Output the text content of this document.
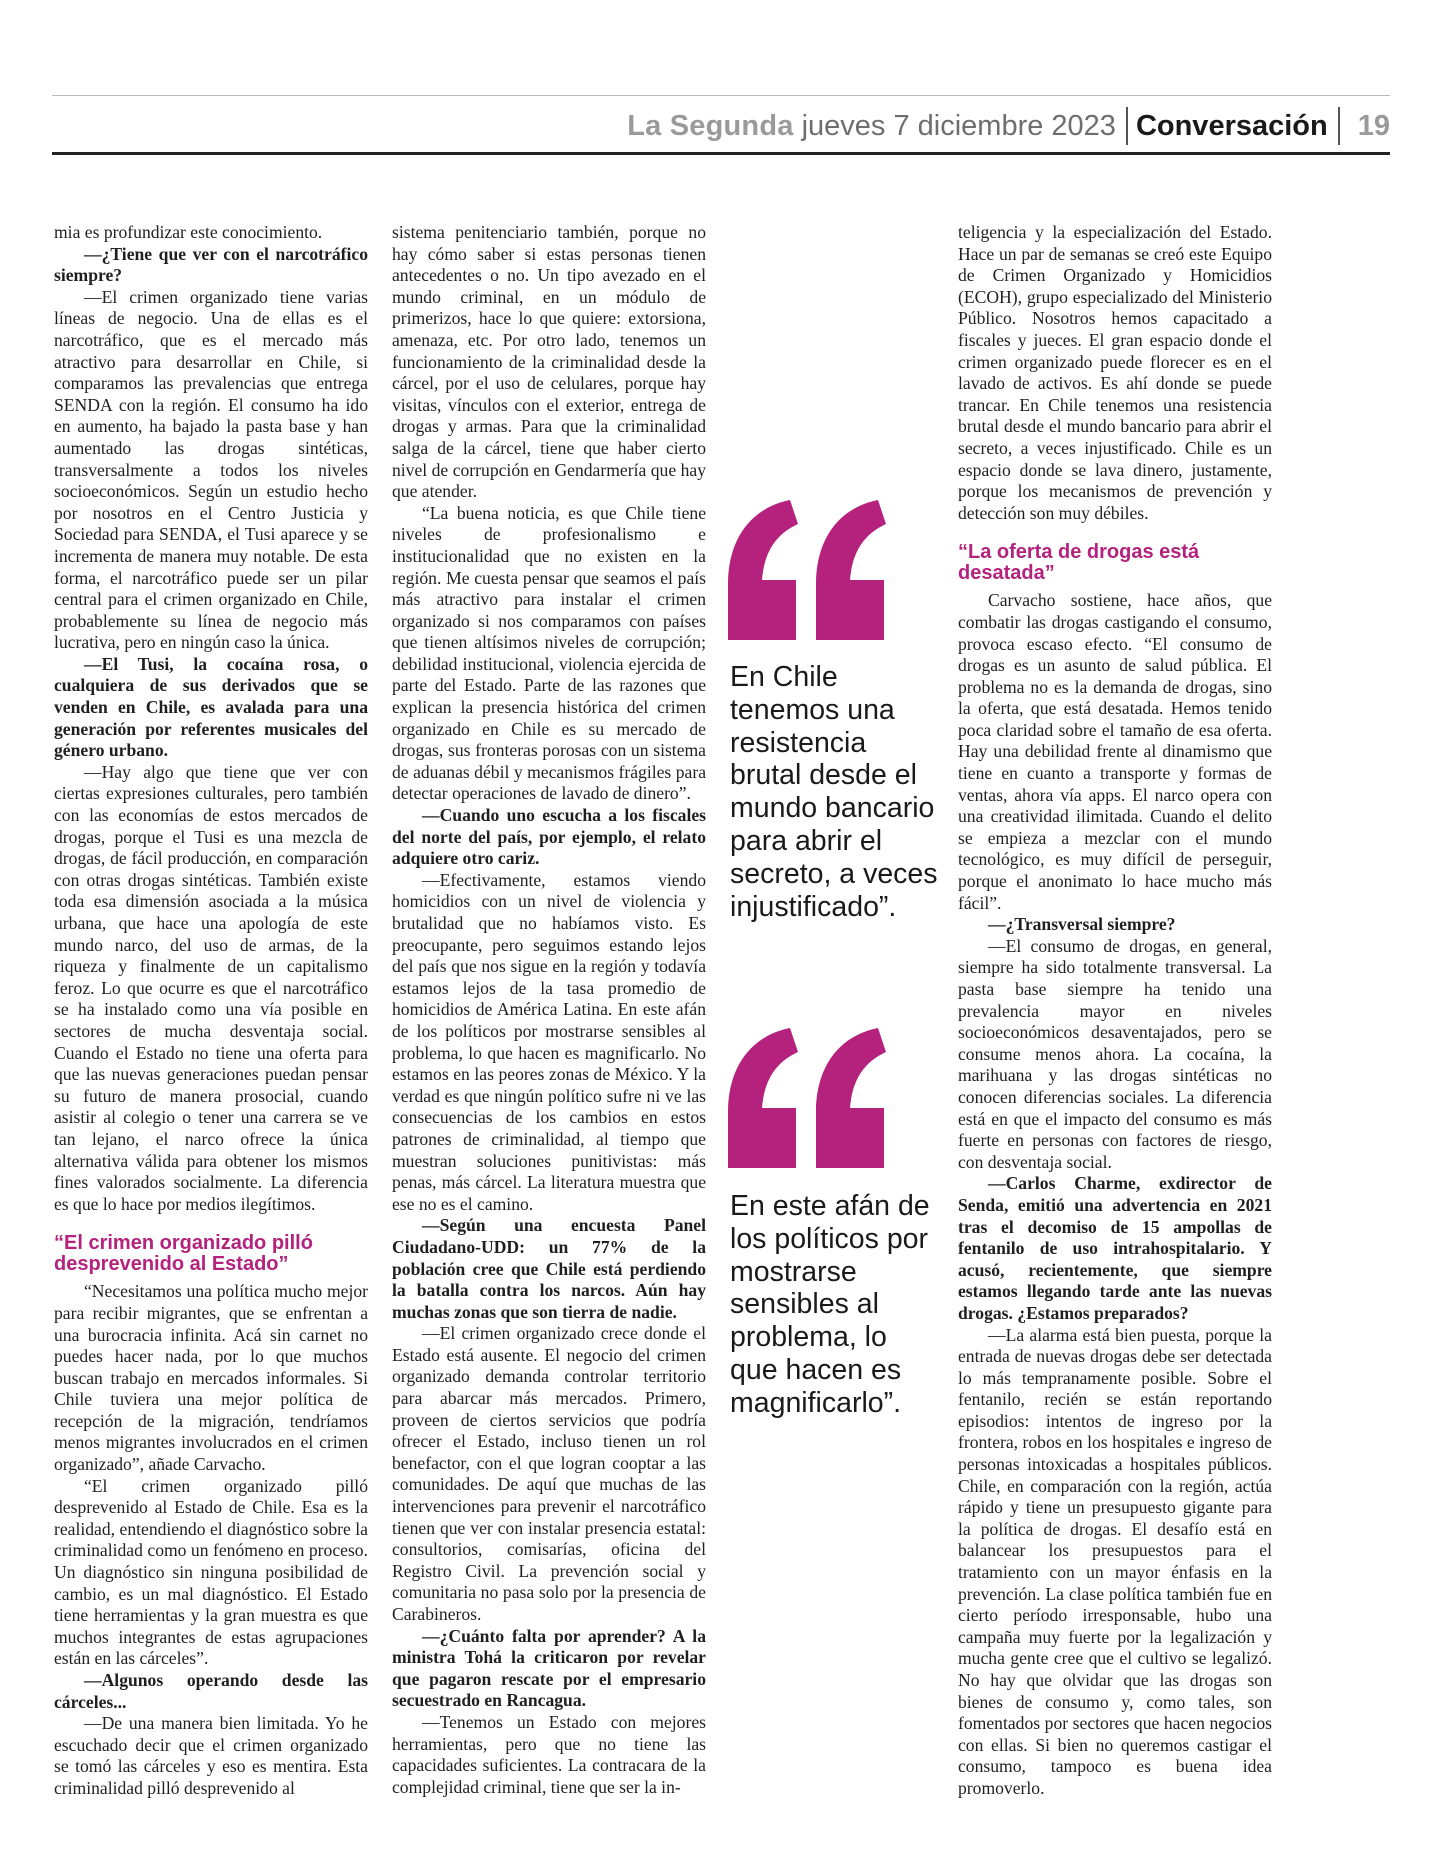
La Segunda jueves 7 diciembre 2023 Conversación 19

mia es profundizar este conocimiento.

—¿Tiene que ver con el narcotráfico siempre?

—El crimen organizado tiene varias líneas de negocio. Una de ellas es el narcotráfico, que es el mercado más atractivo para desarrollar en Chile, si comparamos las prevalencias que entrega SENDA con la región. El consumo ha ido en aumento, ha bajado la pasta base y han aumentado las drogas sintéticas, transversalmente a todos los niveles socioeconómicos. Según un estudio hecho por nosotros en el Centro Justicia y Sociedad para SENDA, el Tusi aparece y se incrementa de manera muy notable. De esta forma, el narcotráfico puede ser un pilar central para el crimen organizado en Chile, probablemente su línea de negocio más lucrativa, pero en ningún caso la única.

—El Tusi, la cocaína rosa, o cualquiera de sus derivados que se venden en Chile, es avalada para una generación por referentes musicales del género urbano.

—Hay algo que tiene que ver con ciertas expresiones culturales, pero también con las economías de estos mercados de drogas, porque el Tusi es una mezcla de drogas, de fácil producción, en comparación con otras drogas sintéticas. También existe toda esa dimensión asociada a la música urbana, que hace una apología de este mundo narco, del uso de armas, de la riqueza y finalmente de un capitalismo feroz. Lo que ocurre es que el narcotráfico se ha instalado como una vía posible en sectores de mucha desventaja social. Cuando el Estado no tiene una oferta para que las nuevas generaciones puedan pensar su futuro de manera prosocial, cuando asistir al colegio o tener una carrera se ve tan lejano, el narco ofrece la única alternativa válida para obtener los mismos fines valorados socialmente. La diferencia es que lo hace por medios ilegítimos.

“El crimen organizado pilló desprevenido al Estado”

“Necesitamos una política mucho mejor para recibir migrantes, que se enfrentan a una burocracia infinita. Acá sin carnet no puedes hacer nada, por lo que muchos buscan trabajo en mercados informales. Si Chile tuviera una mejor política de recepción de la migración, tendríamos menos migrantes involucrados en el crimen organizado”, añade Carvacho.

“El crimen organizado pilló desprevenido al Estado de Chile. Esa es la realidad, entendiendo el diagnóstico sobre la criminalidad como un fenómeno en proceso. Un diagnóstico sin ninguna posibilidad de cambio, es un mal diagnóstico. El Estado tiene herramientas y la gran muestra es que muchos integrantes de estas agrupaciones están en las cárceles”.

—Algunos operando desde las cárceles...

—De una manera bien limitada. Yo he escuchado decir que el crimen organizado se tomó las cárceles y eso es mentira. Esta criminalidad pilló desprevenido al

sistema penitenciario también, porque no hay cómo saber si estas personas tienen antecedentes o no. Un tipo avezado en el mundo criminal, en un módulo de primerizos, hace lo que quiere: extorsiona, amenaza, etc. Por otro lado, tenemos un funcionamiento de la criminalidad desde la cárcel, por el uso de celulares, porque hay visitas, vínculos con el exterior, entrega de drogas y armas. Para que la criminalidad salga de la cárcel, tiene que haber cierto nivel de corrupción en Gendarmería que hay que atender.

“La buena noticia, es que Chile tiene niveles de profesionalismo e institucionalidad que no existen en la región. Me cuesta pensar que seamos el país más atractivo para instalar el crimen organizado si nos comparamos con países que tienen altísimos niveles de corrupción; debilidad institucional, violencia ejercida de parte del Estado. Parte de las razones que explican la presencia histórica del crimen organizado en Chile es su mercado de drogas, sus fronteras porosas con un sistema de aduanas débil y mecanismos frágiles para detectar operaciones de lavado de dinero”.

—Cuando uno escucha a los fiscales del norte del país, por ejemplo, el relato adquiere otro cariz.

—Efectivamente, estamos viendo homicidios con un nivel de violencia y brutalidad que no habíamos visto. Es preocupante, pero seguimos estando lejos del país que nos sigue en la región y todavía estamos lejos de la tasa promedio de homicidios de América Latina. En este afán de los políticos por mostrarse sensibles al problema, lo que hacen es magnificarlo. No estamos en las peores zonas de México. Y la verdad es que ningún político sufre ni ve las consecuencias de los cambios en estos patrones de criminalidad, al tiempo que muestran soluciones punitivistas: más penas, más cárcel. La literatura muestra que ese no es el camino.

—Según una encuesta Panel Ciudadano-UDD: un 77% de la población cree que Chile está perdiendo la batalla contra los narcos. Aún hay muchas zonas que son tierra de nadie.

—El crimen organizado crece donde el Estado está ausente. El negocio del crimen organizado demanda controlar territorio para abarcar más mercados. Primero, proveen de ciertos servicios que podría ofrecer el Estado, incluso tienen un rol benefactor, con el que logran cooptar a las comunidades. De aquí que muchas de las intervenciones para prevenir el narcotráfico tienen que ver con instalar presencia estatal: consultorios, comisarías, oficina del Registro Civil. La prevención social y comunitaria no pasa solo por la presencia de Carabineros.

—¿Cuánto falta por aprender? A la ministra Tohá la criticaron por revelar que pagaron rescate por el empresario secuestrado en Rancagua.

—Tenemos un Estado con mejores herramientas, pero que no tiene las capacidades suficientes. La contracara de la complejidad criminal, tiene que ser la in-

teligencia y la especialización del Estado. Hace un par de semanas se creó este Equipo de Crimen Organizado y Homicidios (ECOH), grupo especializado del Ministerio Público. Nosotros hemos capacitado a fiscales y jueces. El gran espacio donde el crimen organizado puede florecer es en el lavado de activos. Es ahí donde se puede trancar. En Chile tenemos una resistencia brutal desde el mundo bancario para abrir el secreto, a veces injustificado. Chile es un espacio donde se lava dinero, justamente, porque los mecanismos de prevención y detección son muy débiles.

“La oferta de drogas está desatada”

Carvacho sostiene, hace años, que combatir las drogas castigando el consumo, provoca escaso efecto. “El consumo de drogas es un asunto de salud pública. El problema no es la demanda de drogas, sino la oferta, que está desatada. Hemos tenido poca claridad sobre el tamaño de esa oferta. Hay una debilidad frente al dinamismo que tiene en cuanto a transporte y formas de ventas, ahora vía apps. El narco opera con una creatividad ilimitada. Cuando el delito se empieza a mezclar con el mundo tecnológico, es muy difícil de perseguir, porque el anonimato lo hace mucho más fácil”.

—¿Transversal siempre?

—El consumo de drogas, en general, siempre ha sido totalmente transversal. La pasta base siempre ha tenido una prevalencia mayor en niveles socioeconómicos desaventajados, pero se consume menos ahora. La cocaína, la marihuana y las drogas sintéticas no conocen diferencias sociales. La diferencia está en que el impacto del consumo es más fuerte en personas con factores de riesgo, con desventaja social.

—Carlos Charme, exdirector de Senda, emitió una advertencia en 2021 tras el decomiso de 15 ampollas de fentanilo de uso intrahospitalario. Y acusó, recientemente, que siempre estamos llegando tarde ante las nuevas drogas. ¿Estamos preparados?

—La alarma está bien puesta, porque la entrada de nuevas drogas debe ser detectada lo más tempranamente posible. Sobre el fentanilo, recién se están reportando episodios: intentos de ingreso por la frontera, robos en los hospitales e ingreso de personas intoxicadas a hospitales públicos. Chile, en comparación con la región, actúa rápido y tiene un presupuesto gigante para la política de drogas. El desafío está en balancear los presupuestos para el tratamiento con un mayor énfasis en la prevención. La clase política también fue en cierto período irresponsable, hubo una campaña muy fuerte por la legalización y mucha gente cree que el cultivo se legalizó. No hay que olvidar que las drogas son bienes de consumo y, como tales, son fomentados por sectores que hacen negocios con ellas. Si bien no queremos castigar el consumo, tampoco es buena idea promoverlo.

En Chile tenemos una resistencia brutal desde el mundo bancario para abrir el secreto, a veces injustificado”.
En este afán de los políticos por mostrarse sensibles al problema, lo que hacen es magnificarlo”.
